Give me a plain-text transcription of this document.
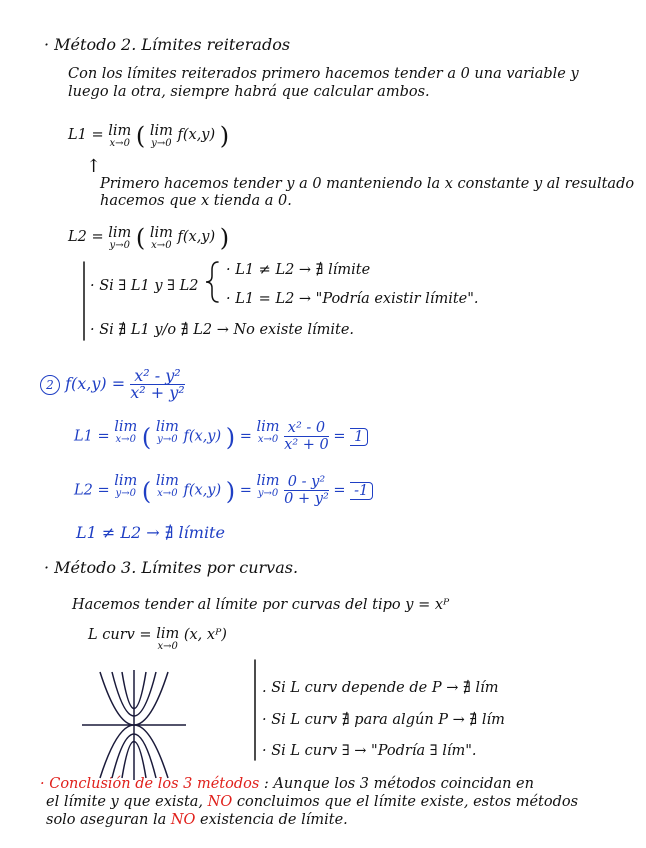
· Método 2. Límites reiterados
Con los límites reiterados primero hacemos tender a 0 una variable y
luego la otra, siempre habrá que calcular ambos.
L1 = lim
x→0 ( lim
y→0
f(x,y) )
↑
Primero hacemos tender y a 0 manteniendo la x constante y al resultado
hacemos que x tienda a 0.
L2 = lim
y→0 ( lim
x→0
f(x,y) )
· Si ∃ L1 y ∃ L2
· L1 ≠ L2 → ∄ límite
· L1 = L2 → "Podría existir límite".
· Si ∄ L1 y/o ∄ L2 → No existe límite.
2 $f(x,y) = \frac{\text{x² - y²}}{\text{x² + y²}}$
L1 = lim
x→0 ( lim
y→0 f(x,y) ) = lim
x→0
$\frac{\text{x² - 0}}{\text{x² + 0}} = 1$
L2 = lim
y→0 ( lim
x→0 f(x,y) ) = lim
y→0
$\frac{\text{0 - y²}}{\text{0 + y²}} = -1$
L1 ≠ L2 → ∄ límite
· Método 3. Límites por curvas.
Hacemos tender al límite por curvas del tipo y = xᴾ
L curv = lim
x→0
(x, xᴾ)
. Si L curv depende de P → ∄ lím
· Si L curv ∄ para algún P → ∄ lím
· Si L curv ∃ → "Podría ∃ lím".
· Conclusión de los 3 métodos : Aunque los 3 métodos coincidan en
el límite y que exista, NO concluimos que el límite existe, estos métodos
solo aseguran la NO existencia de límite.
